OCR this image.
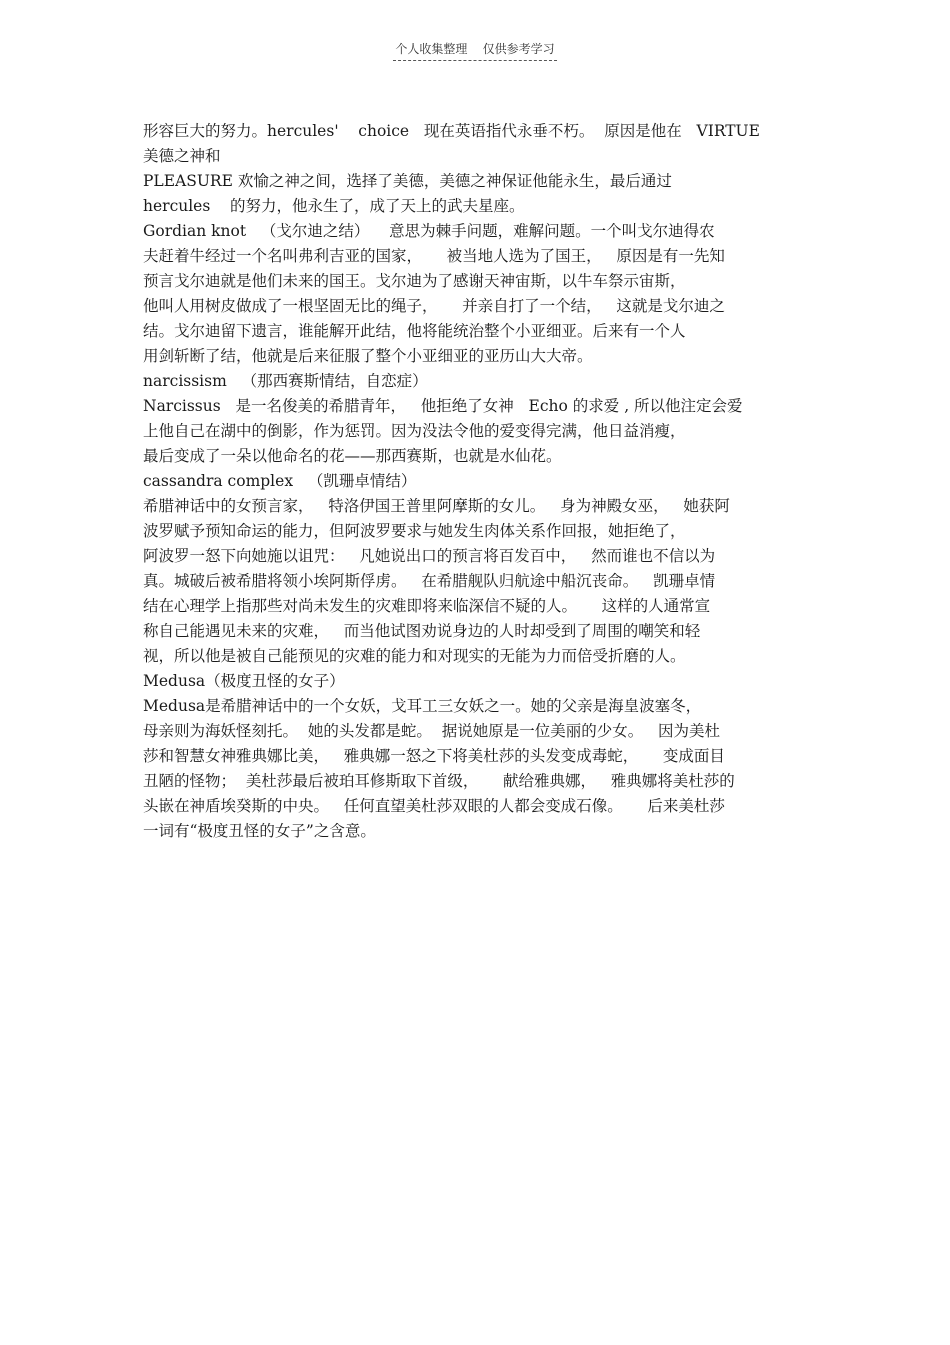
个人收集整理    仅供参考学习
形容巨大的努力。hercules'    choice   现在英语指代永垂不朽。  原因是他在   VIRTUE
美德之神和
PLEASURE 欢愉之神之间，选择了美德，美德之神保证他能永生，最后通过
hercules    的努力，他永生了，成了天上的武夫星座。
Gordian knot   （戈尔迪之结）    意思为棘手问题，难解问题。一个叫戈尔迪得农
夫赶着牛经过一个名叫弗利吉亚的国家，     被当地人选为了国王，   原因是有一先知
预言戈尔迪就是他们未来的国王。戈尔迪为了感谢天神宙斯，以牛车祭示宙斯，
他叫人用树皮做成了一根坚固无比的绳子，     并亲自打了一个结，   这就是戈尔迪之
结。戈尔迪留下遗言，谁能解开此结，他将能统治整个小亚细亚。后来有一个人
用剑斩断了结，他就是后来征服了整个小亚细亚的亚历山大大帝。
narcissism   （那西赛斯情结，自恋症）
Narcissus   是一名俊美的希腊青年，   他拒绝了女神   Echo 的求爱 , 所以他注定会爱
上他自己在湖中的倒影，作为惩罚。因为没法令他的爱变得完满，他日益消瘦，
最后变成了一朵以他命名的花——那西赛斯，也就是水仙花。
cassandra complex   （凯珊卓情结）
希腊神话中的女预言家，   特洛伊国王普里阿摩斯的女儿。   身为神殿女巫，   她获阿
波罗赋予预知命运的能力，但阿波罗要求与她发生肉体关系作回报，她拒绝了，
阿波罗一怒下向她施以诅咒：   凡她说出口的预言将百发百中，   然而谁也不信以为
真。城破后被希腊将领小埃阿斯俘虏。   在希腊舰队归航途中船沉丧命。   凯珊卓情
结在心理学上指那些对尚未发生的灾难即将来临深信不疑的人。     这样的人通常宣
称自己能遇见未来的灾难，   而当他试图劝说身边的人时却受到了周围的嘲笑和轻
视，所以他是被自己能预见的灾难的能力和对现实的无能为力而倍受折磨的人。
Medusa（极度丑怪的女子）
Medusa是希腊神话中的一个女妖，戈耳工三女妖之一。她的父亲是海皇波塞冬，
母亲则为海妖怪刻托。  她的头发都是蛇。  据说她原是一位美丽的少女。   因为美杜
莎和智慧女神雅典娜比美，   雅典娜一怒之下将美杜莎的头发变成毒蛇，     变成面目
丑陋的怪物；  美杜莎最后被珀耳修斯取下首级，     献给雅典娜，   雅典娜将美杜莎的
头嵌在神盾埃癸斯的中央。   任何直望美杜莎双眼的人都会变成石像。     后来美杜莎
一词有“极度丑怪的女子”之含意。
